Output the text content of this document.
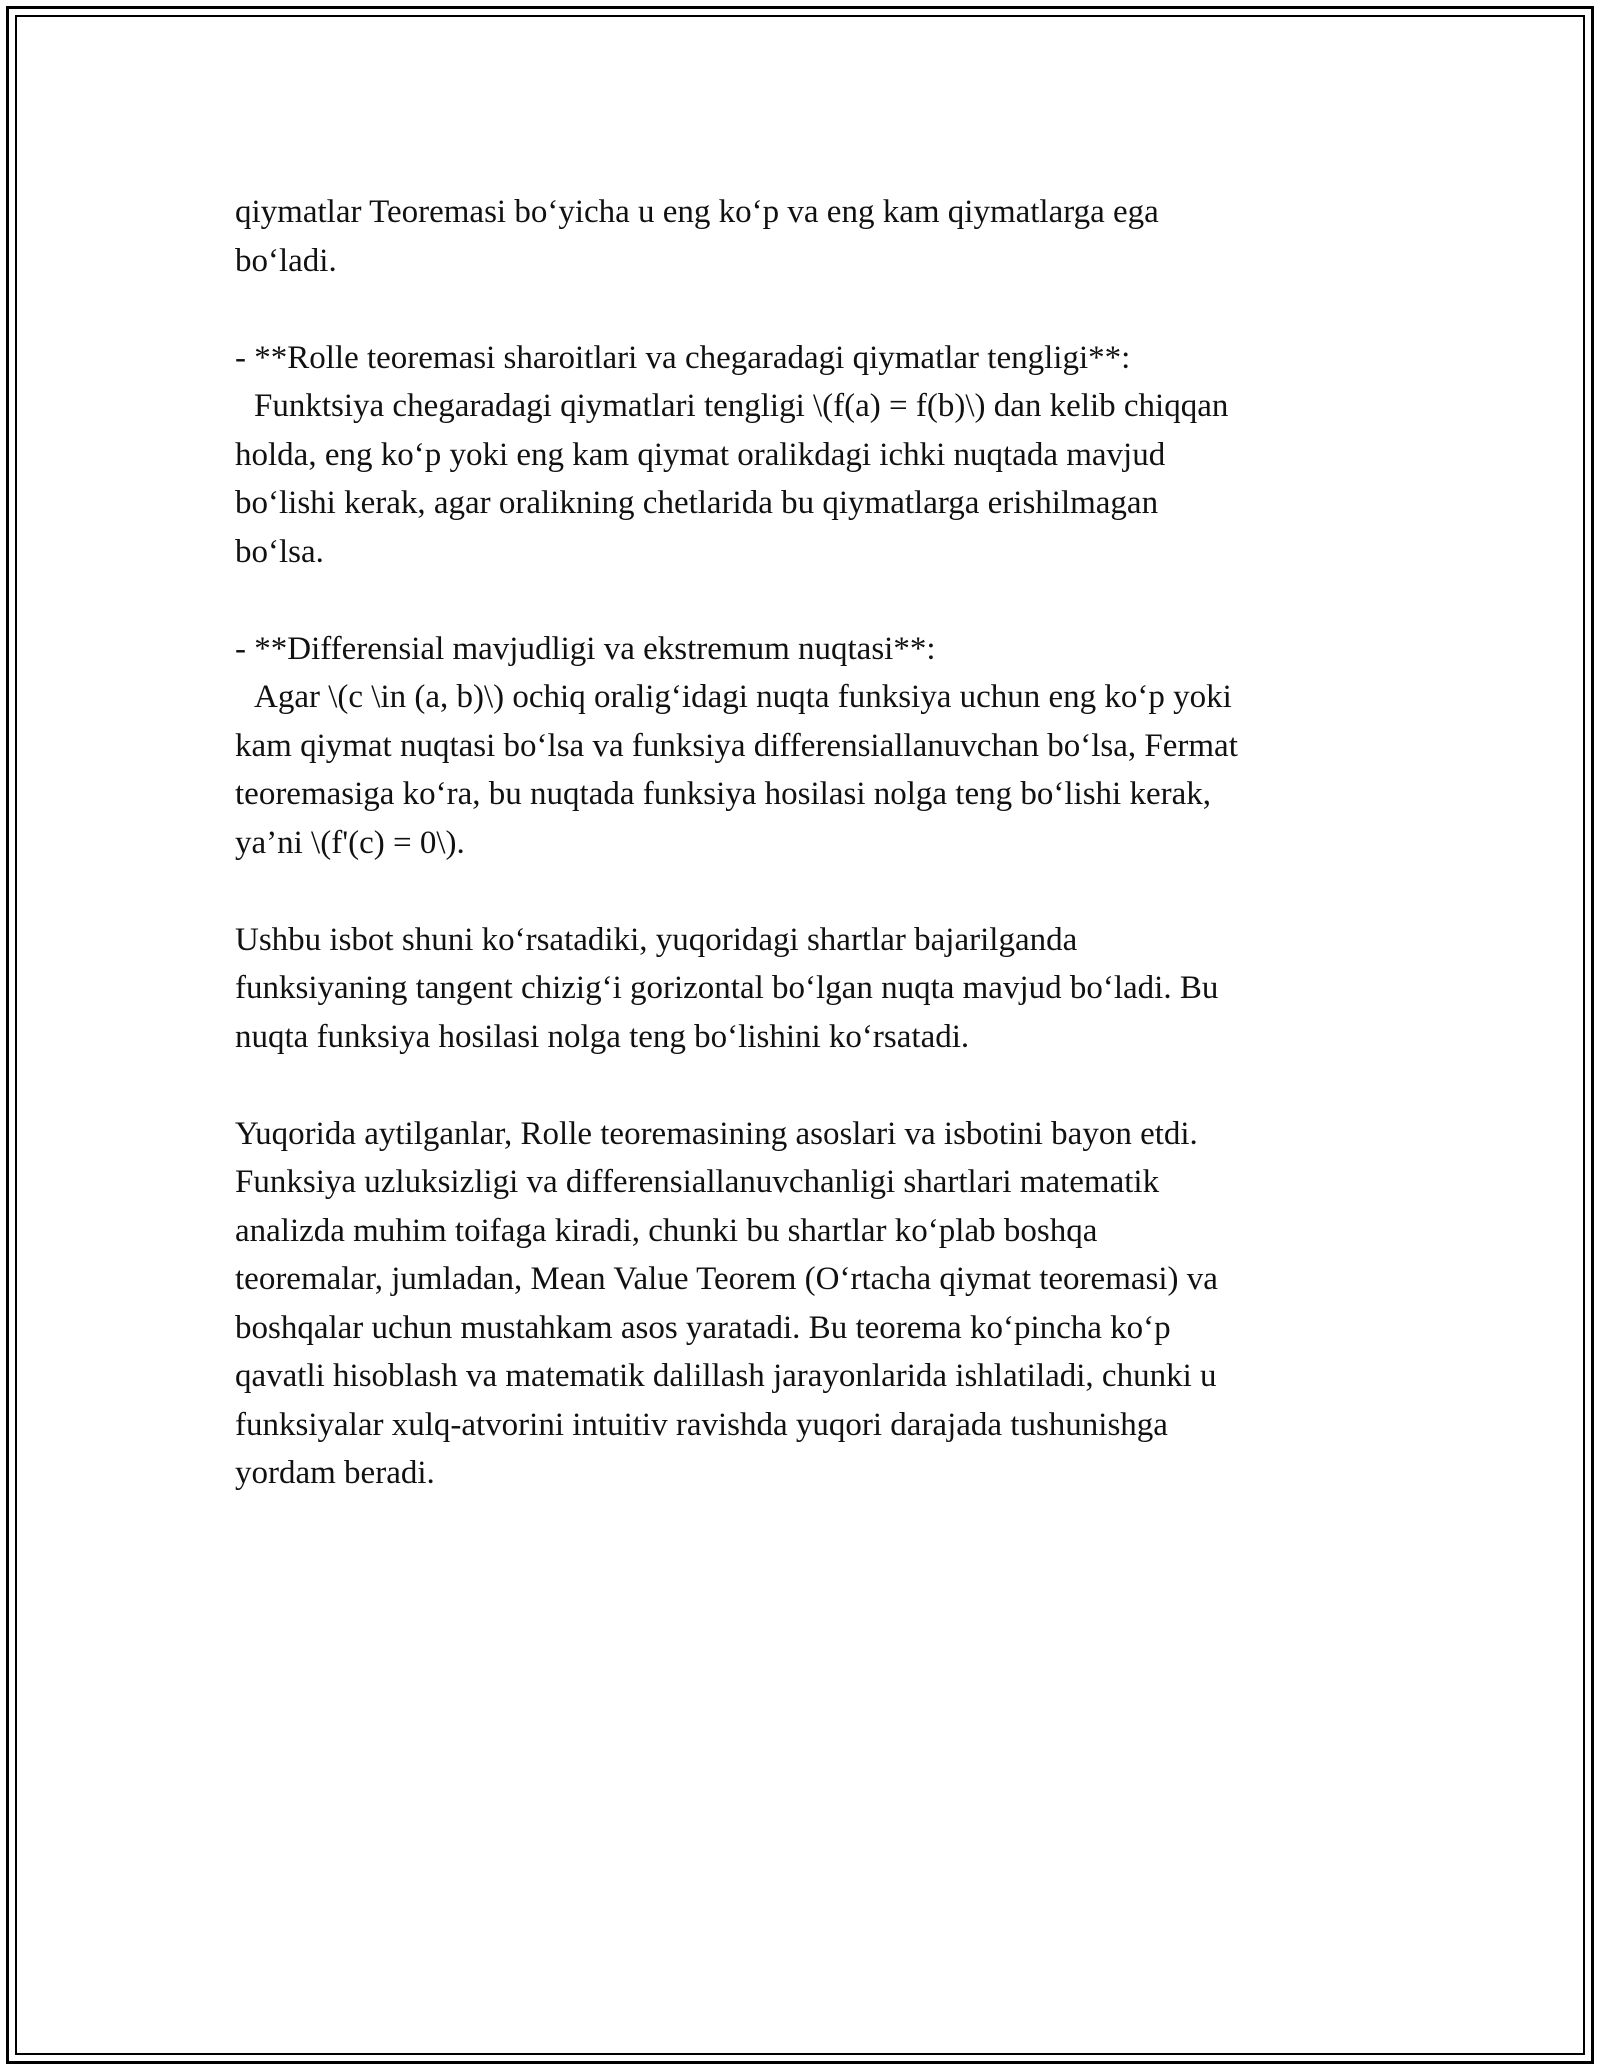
qiymatlar Teoremasi bo‘yicha u eng ko‘p va eng kam qiymatlarga ega
bo‘ladi.

- **Rolle teoremasi sharoitlari va chegaradagi qiymatlar tengligi**:
Funktsiya chegaradagi qiymatlari tengligi \(f(a) = f(b)\) dan kelib chiqqan
holda, eng ko‘p yoki eng kam qiymat oralikdagi ichki nuqtada mavjud
bo‘lishi kerak, agar oralikning chetlarida bu qiymatlarga erishilmagan
bo‘lsa.

- **Differensial mavjudligi va ekstremum nuqtasi**:
Agar \(c \in (a, b)\) ochiq oralig‘idagi nuqta funksiya uchun eng ko‘p yoki
kam qiymat nuqtasi bo‘lsa va funksiya differensiallanuvchan bo‘lsa, Fermat
teoremasiga ko‘ra, bu nuqtada funksiya hosilasi nolga teng bo‘lishi kerak,
ya’ni \(f'(c) = 0\).

Ushbu isbot shuni ko‘rsatadiki, yuqoridagi shartlar bajarilganda
funksiyaning tangent chizig‘i gorizontal bo‘lgan nuqta mavjud bo‘ladi. Bu
nuqta funksiya hosilasi nolga teng bo‘lishini ko‘rsatadi.

Yuqorida aytilganlar, Rolle teoremasining asoslari va isbotini bayon etdi.
Funksiya uzluksizligi va differensiallanuvchanligi shartlari matematik
analizda muhim toifaga kiradi, chunki bu shartlar ko‘plab boshqa
teoremalar, jumladan, Mean Value Teorem (O‘rtacha qiymat teoremasi) va
boshqalar uchun mustahkam asos yaratadi. Bu teorema ko‘pincha ko‘p
qavatli hisoblash va matematik dalillash jarayonlarida ishlatiladi, chunki u
funksiyalar xulq-atvorini intuitiv ravishda yuqori darajada tushunishga
yordam beradi.
